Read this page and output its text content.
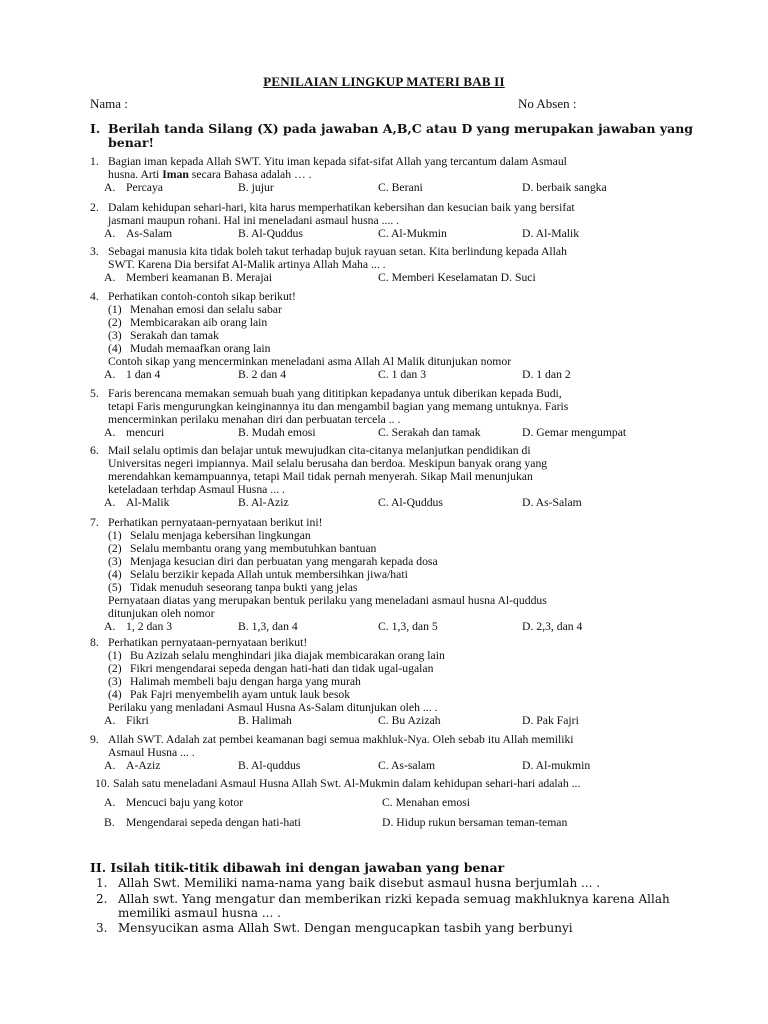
PENILAIAN LINGKUP MATERI BAB II
Nama :	No Absen :
I. Berilah tanda Silang (X) pada jawaban A,B,C atau D yang merupakan jawaban yang
benar!
1. Bagian iman kepada Allah SWT. Yitu iman kepada sifat-sifat Allah yang tercantum dalam Asmaul
husna. Arti Iman secara Bahasa adalah … .
A. Percaya	B. jujur	C. Berani	D. berbaik sangka
2. Dalam kehidupan sehari-hari, kita harus memperhatikan kebersihan dan kesucian baik yang bersifat
jasmani maupun rohani. Hal ini meneladani asmaul husna .... .
A. As-Salam	B. Al-Quddus	C. Al-Mukmin	D. Al-Malik
3. Sebagai manusia kita tidak boleh takut terhadap bujuk rayuan setan. Kita berlindung kepada Allah
SWT. Karena Dia bersifat Al-Malik artinya Allah Maha ... .
A. Memberi keamanan B. Merajai	C. Memberi Keselamatan D. Suci
4. Perhatikan contoh-contoh sikap berikut!
(1) Menahan emosi dan selalu sabar
(2) Membicarakan aib orang lain
(3) Serakah dan tamak
(4) Mudah memaafkan orang lain
Contoh sikap yang mencerminkan meneladani asma Allah Al Malik ditunjukan nomor
A. 1 dan 4	B. 2 dan 4	C. 1 dan 3	D. 1 dan 2
5. Faris berencana memakan semuah buah yang dititipkan kepadanya untuk diberikan kepada Budi,
tetapi Faris mengurungkan keinginannya itu dan mengambil bagian yang memang untuknya. Faris
mencerminkan perilaku menahan diri dan perbuatan tercela .. .
A. mencuri	B. Mudah emosi	C. Serakah dan tamak	D. Gemar mengumpat
6. Mail selalu optimis dan belajar untuk mewujudkan cita-citanya melanjutkan pendidikan di
Universitas negeri impiannya. Mail selalu berusaha dan berdoa. Meskipun banyak orang yang
merendahkan kemampuannya, tetapi Mail tidak pernah menyerah. Sikap Mail menunjukan
keteladaan terhdap Asmaul Husna ... .
A. Al-Malik	B. Al-Aziz	C. Al-Quddus	D. As-Salam
7. Perhatikan pernyataan-pernyataan berikut ini!
(1) Selalu menjaga kebersihan lingkungan
(2) Selalu membantu orang yang membutuhkan bantuan
(3) Menjaga kesucian diri dan perbuatan yang mengarah kepada dosa
(4) Selalu berzikir kepada Allah untuk membersihkan jiwa/hati
(5) Tidak menuduh seseorang tanpa bukti yang jelas
Pernyataan diatas yang merupakan bentuk perilaku yang meneladani asmaul husna Al-quddus
ditunjukan oleh nomor
A. 1, 2 dan 3	B. 1,3, dan 4	C. 1,3, dan 5	D. 2,3, dan 4
8. Perhatikan pernyataan-pernyataan berikut!
(1) Bu Azizah selalu menghindari jika diajak membicarakan orang lain
(2) Fikri mengendarai sepeda dengan hati-hati dan tidak ugal-ugalan
(3) Halimah membeli baju dengan harga yang murah
(4) Pak Fajri menyembelih ayam untuk lauk besok
Perilaku yang menladani Asmaul Husna As-Salam ditunjukan oleh ... .
A. Fikri	B. Halimah	C. Bu Azizah	D. Pak Fajri
9. Allah SWT. Adalah zat pembei keamanan bagi semua makhluk-Nya. Oleh sebab itu Allah memiliki
Asmaul Husna ... .
A. A-Aziz	B. Al-quddus	C. As-salam	D. Al-mukmin
10. Salah satu meneladani Asmaul Husna Allah Swt. Al-Mukmin dalam kehidupan sehari-hari adalah ...
A. Mencuci baju yang kotor	C. Menahan emosi
B. Mengendarai sepeda dengan hati-hati	D. Hidup rukun bersaman teman-teman
II. Isilah titik-titik dibawah ini dengan jawaban yang benar
1. Allah Swt. Memiliki nama-nama yang baik disebut asmaul husna berjumlah ... .
2. Allah swt. Yang mengatur dan memberikan rizki kepada semuag makhluknya karena Allah
memiliki asmaul husna ... .
3. Mensyucikan asma Allah Swt. Dengan mengucapkan tasbih yang berbunyi
